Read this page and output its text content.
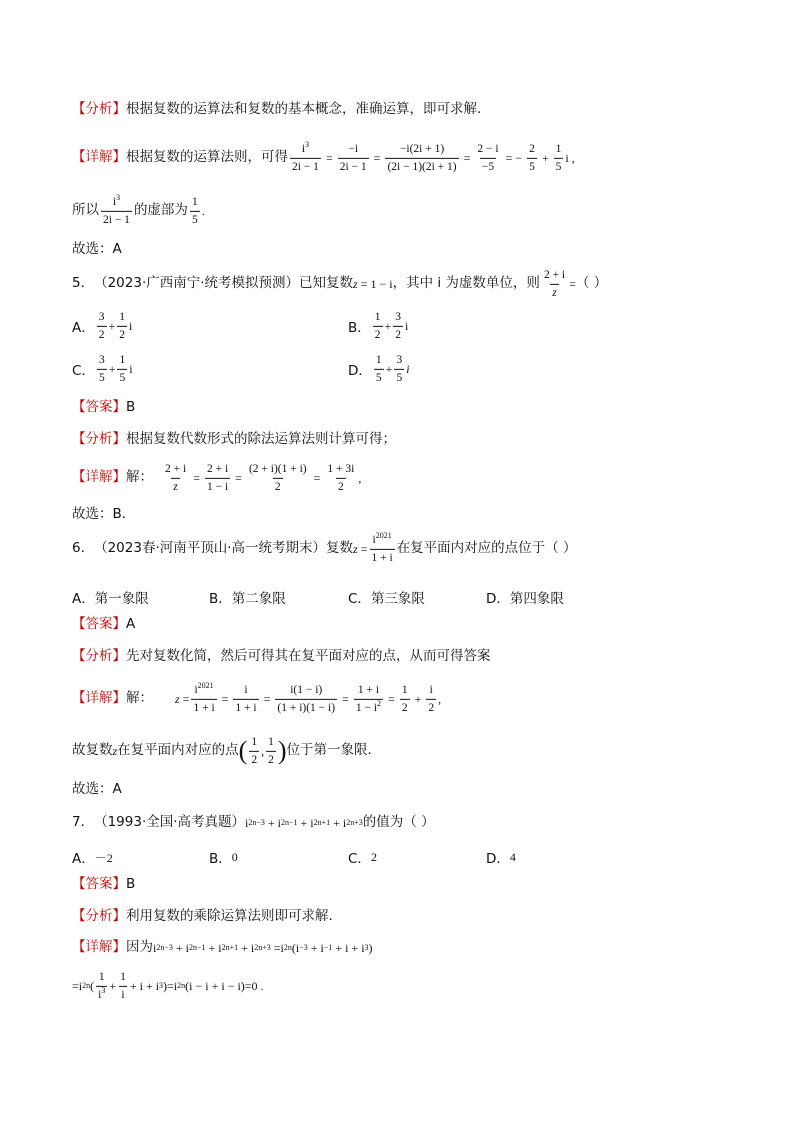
【分析】 根据复数的运算法和复数的基本概念，准确运算，即可求解.
【详解】 根据复数的运算法则，可得 $\frac{i^3}{2i - 1} = \frac{-i}{2i - 1} = \frac{-i(2i + 1)}{(2i - 1)(2i + 1)} = \frac{2 - i}{-5}$ = − $\frac{2}{5} + \frac{1}{5}$ i ,
所以 $\frac{i^3}{2i - 1}$ 的虚部为 $\frac{1}{5}$ .
故选：A
5． （2023·广西南宁·统考模拟预测） 已知复数 z = 1 − i ，其中 i 为虚数单位，则 $\frac{2 + i}{z}$ = （ ）
A． $\frac{3}{2} + \frac{1}{2}$ i	B． $\frac{1}{2} + \frac{3}{2}$ i
C． $\frac{3}{5} + \frac{1}{5}$ i	D． $\frac{1}{5} + \frac{3}{5}$ i
【答案】 B
【分析】 根据复数代数形式的除法运算法则计算可得；
【详解】 解： $\frac{2 + i}{z} = \frac{2 + i}{1 - i} = \frac{(2 + i)(1 + i)}{2} = \frac{1 + 3i}{2}$ ,
故选：B．
6． （2023春·河南平顶山·高一统考期末） 复数 $z = \frac{i^{2021}}{1 + i}$ 在复平面内对应的点位于（ ）
A． 第一象限	B． 第二象限	C． 第三象限	D． 第四象限
【答案】 A
【分析】 先对复数化简，然后可得其在复平面对应的点，从而可得答案
【详解】 解： $z = \frac{i^{2021}}{1 + i} = \frac{i}{1 + i} = \frac{i(1 - i)}{(1 + i)(1 - i)} = \frac{1 + i}{1 - i^2} = \frac{1}{2} + \frac{i}{2}$ ,
故复数 z 在复平面内对应的点 ( $\frac{1}{2}$ , $\frac{1}{2}$ ) 位于第一象限．
故选：A
7． （1993·全国·高考真题） i 2n−3 + i 2n−1 + i 2n+1 + i 2n+3 的值为（ ）
A． －2	B． 0	C． 2	D． 4
【答案】 B
【分析】 利用复数的乘除运算法则即可求解.
【详解】 因为 i 2n−3 + i 2n−1 + i 2n+1 + i 2n+3 =i 2n (i −3 + i −1 + i + i 3 )
=i 2n ( $\frac{1}{i^3} + \frac{1}{i} + i + i$ 3 )=i 2n (i − i + i − i)=0 .
